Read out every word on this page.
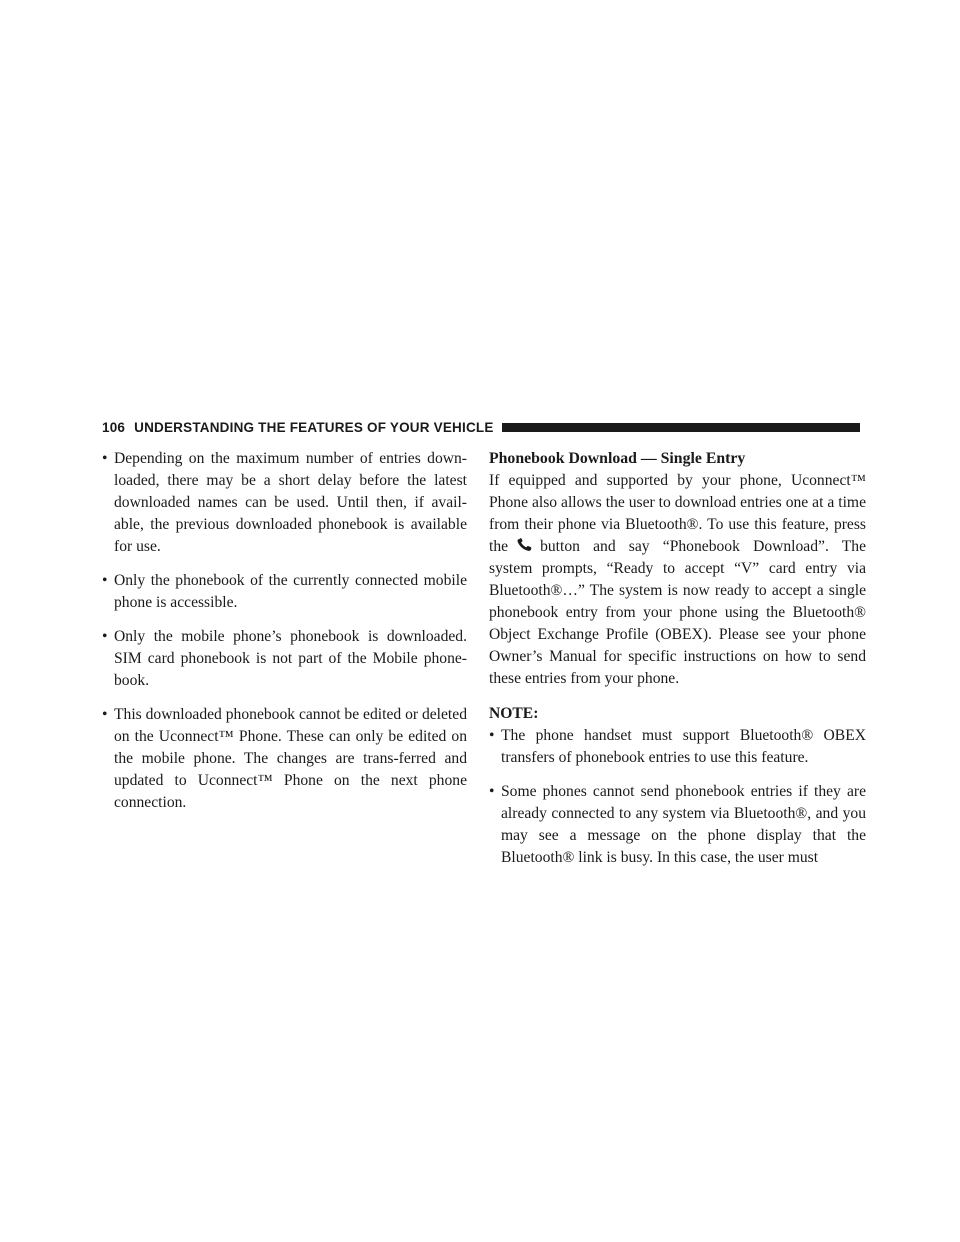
106 UNDERSTANDING THE FEATURES OF YOUR VEHICLE
• Depending on the maximum number of entries down-loaded, there may be a short delay before the latest downloaded names can be used. Until then, if avail-able, the previous downloaded phonebook is available for use.
• Only the phonebook of the currently connected mobile phone is accessible.
• Only the mobile phone’s phonebook is downloaded. SIM card phonebook is not part of the Mobile phone-book.
• This downloaded phonebook cannot be edited or deleted on the Uconnect™ Phone. These can only be edited on the mobile phone. The changes are trans-ferred and updated to Uconnect™ Phone on the next phone connection.

Phonebook Download — Single Entry

If equipped and supported by your phone, Uconnect™ Phone also allows the user to download entries one at a time from their phone via Bluetooth®. To use this feature, press the button and say “Phonebook Download”. The system prompts, “Ready to accept “V” card entry via Bluetooth®…” The system is now ready to accept a single phonebook entry from your phone using the Bluetooth® Object Exchange Profile (OBEX). Please see your phone Owner’s Manual for specific instructions on how to send these entries from your phone.

NOTE:

• The phone handset must support Bluetooth® OBEX transfers of phonebook entries to use this feature.
• Some phones cannot send phonebook entries if they are already connected to any system via Bluetooth®, and you may see a message on the phone display that the Bluetooth® link is busy. In this case, the user must
